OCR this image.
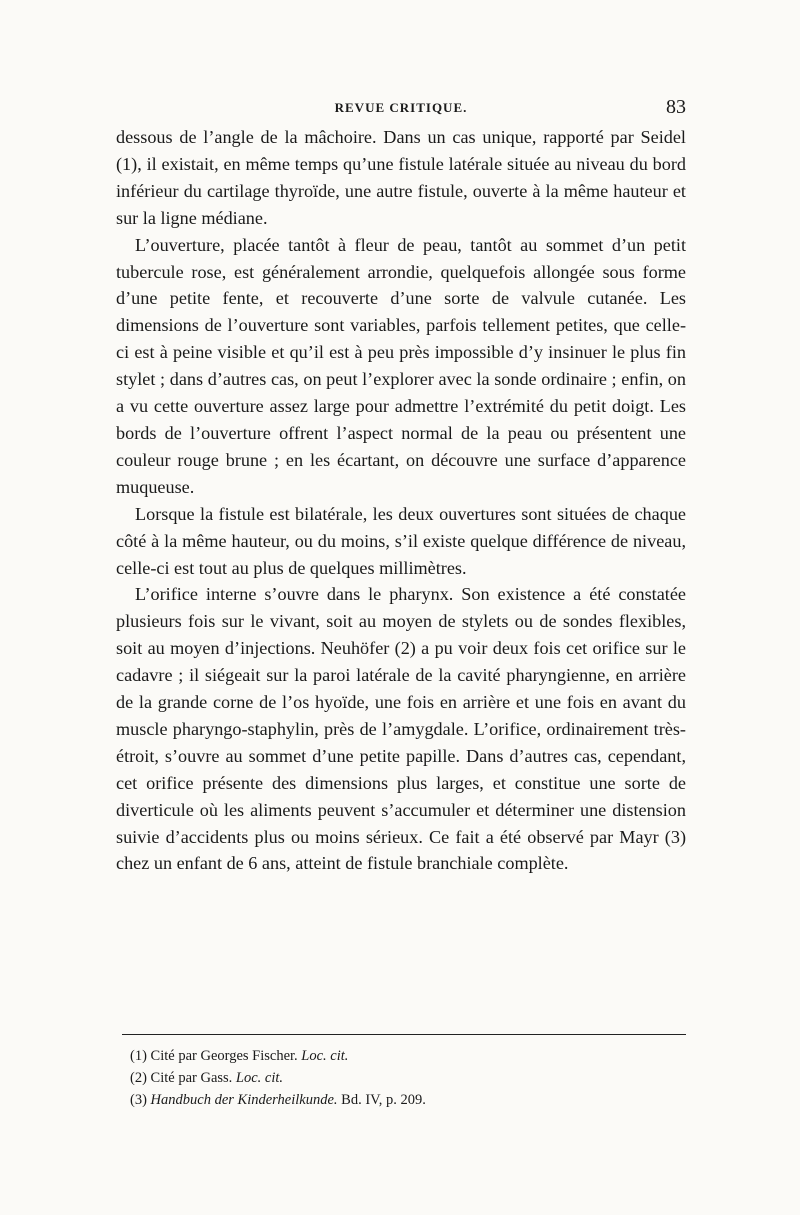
REVUE CRITIQUE.	83

dessous de l’angle de la mâchoire. Dans un cas unique, rapporté par Seidel (1), il existait, en même temps qu’une fistule latérale située au niveau du bord inférieur du cartilage thyroïde, une autre fistule, ouverte à la même hauteur et sur la ligne médiane.

L’ouverture, placée tantôt à fleur de peau, tantôt au sommet d’un petit tubercule rose, est généralement arrondie, quelquefois allongée sous forme d’une petite fente, et recouverte d’une sorte de valvule cutanée. Les dimensions de l’ouverture sont variables, parfois tellement petites, que celle-ci est à peine visible et qu’il est à peu près impossible d’y insinuer le plus fin stylet ; dans d’autres cas, on peut l’explorer avec la sonde ordinaire ; enfin, on a vu cette ouverture assez large pour admettre l’extrémité du petit doigt. Les bords de l’ouverture offrent l’aspect normal de la peau ou présentent une couleur rouge brune ; en les écartant, on découvre une surface d’apparence muqueuse.

Lorsque la fistule est bilatérale, les deux ouvertures sont situées de chaque côté à la même hauteur, ou du moins, s’il existe quelque différence de niveau, celle-ci est tout au plus de quelques millimètres.

L’orifice interne s’ouvre dans le pharynx. Son existence a été constatée plusieurs fois sur le vivant, soit au moyen de stylets ou de sondes flexibles, soit au moyen d’injections. Neuhöfer (2) a pu voir deux fois cet orifice sur le cadavre ; il siégeait sur la paroi latérale de la cavité pharyngienne, en arrière de la grande corne de l’os hyoïde, une fois en arrière et une fois en avant du muscle pharyngo-staphylin, près de l’amygdale. L’orifice, ordinairement très-étroit, s’ouvre au sommet d’une petite papille. Dans d’autres cas, cependant, cet orifice présente des dimensions plus larges, et constitue une sorte de diverticule où les aliments peuvent s’accumuler et déterminer une distension suivie d’accidents plus ou moins sérieux. Ce fait a été observé par Mayr (3) chez un enfant de 6 ans, atteint de fistule branchiale complète.

(1) Cité par Georges Fischer. Loc. cit.
(2) Cité par Gass. Loc. cit.
(3) Handbuch der Kinderheilkunde. Bd. IV, p. 209.
